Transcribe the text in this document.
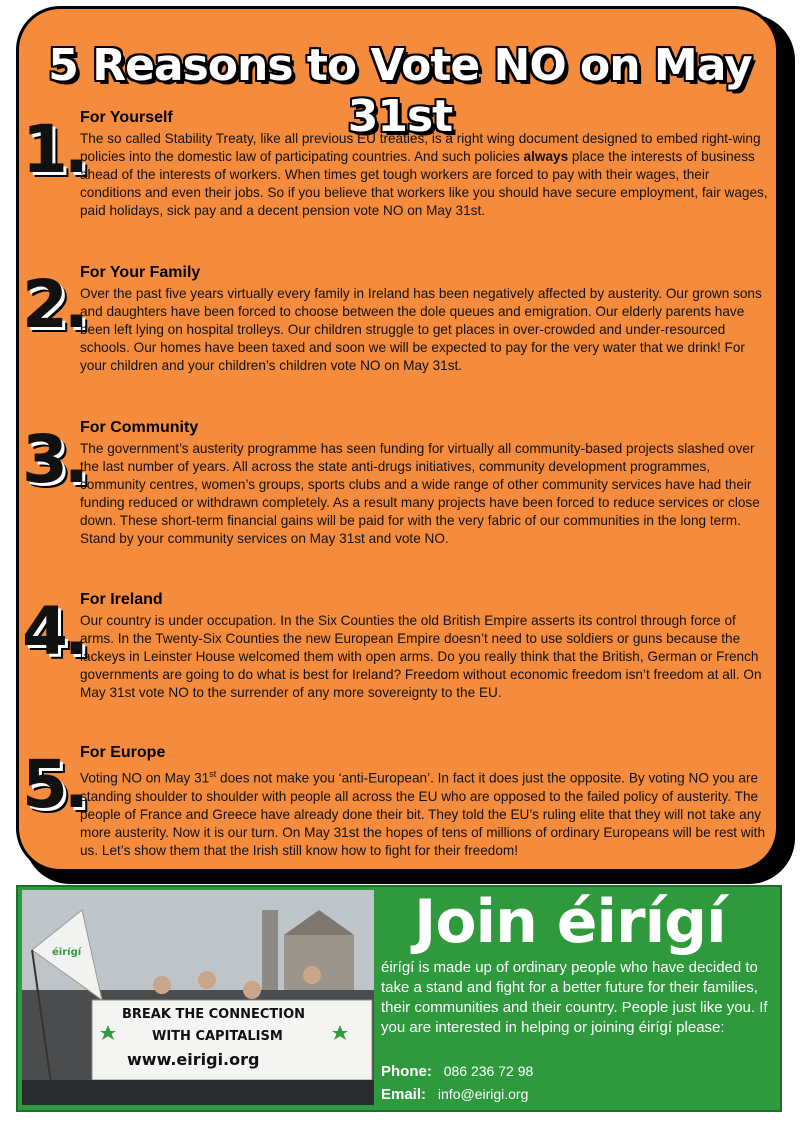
5 Reasons to Vote NO on May 31st
1.
For Yourself
The so called Stability Treaty, like all previous EU treaties, is a right wing document designed to embed right-wing policies into the domestic law of participating countries. And such policies always place the interests of business ahead of the interests of workers. When times get tough workers are forced to pay with their wages, their conditions and even their jobs. So if you believe that workers like you should have secure employment, fair wages, paid holidays, sick pay and a decent pension vote NO on May 31st.
2.
For Your Family
Over the past five years virtually every family in Ireland has been negatively affected by austerity. Our grown sons and daughters have been forced to choose between the dole queues and emigration. Our elderly parents have been left lying on hospital trolleys. Our children struggle to get places in over-crowded and under-resourced schools. Our homes have been taxed and soon we will be expected to pay for the very water that we drink! For your children and your children’s children vote NO on May 31st.
3.
For Community
The government’s austerity programme has seen funding for virtually all community-based projects slashed over the last number of years. All across the state anti-drugs initiatives, community development programmes, community centres, women’s groups, sports clubs and a wide range of other community services have had their funding reduced or withdrawn completely. As a result many projects have been forced to reduce services or close down. These short-term financial gains will be paid for with the very fabric of our communities in the long term. Stand by your community services on May 31st and vote NO.
4.
For Ireland
Our country is under occupation. In the Six Counties the old British Empire asserts its control through force of arms. In the Twenty-Six Counties the new European Empire doesn’t need to use soldiers or guns because the lackeys in Leinster House welcomed them with open arms. Do you really think that the British, German or French governments are going to do what is best for Ireland? Freedom without economic freedom isn’t freedom at all. On May 31st vote NO to the surrender of any more sovereignty to the EU.
5.
For Europe
Voting NO on May 31st does not make you ‘anti-European’. In fact it does just the opposite. By voting NO you are standing shoulder to shoulder with people all across the EU who are opposed to the failed policy of austerity. The people of France and Greece have already done their bit. They told the EU’s ruling elite that they will not take any more austerity. Now it is our turn. On May 31st the hopes of tens of millions of ordinary Europeans will be rest with us. Let’s show them that the Irish still know how to fight for their freedom!
éirígí
BREAK THE CONNECTION
WITH CAPITALISM
www.eirigi.org
Join éirígí
éirígí is made up of ordinary people who have decided to take a stand and fight for a better future for their families, their communities and their country. People just like you. If you are interested in helping or joining éirígí please:
Phone: 086 236 72 98
Email: info@eirigi.org
